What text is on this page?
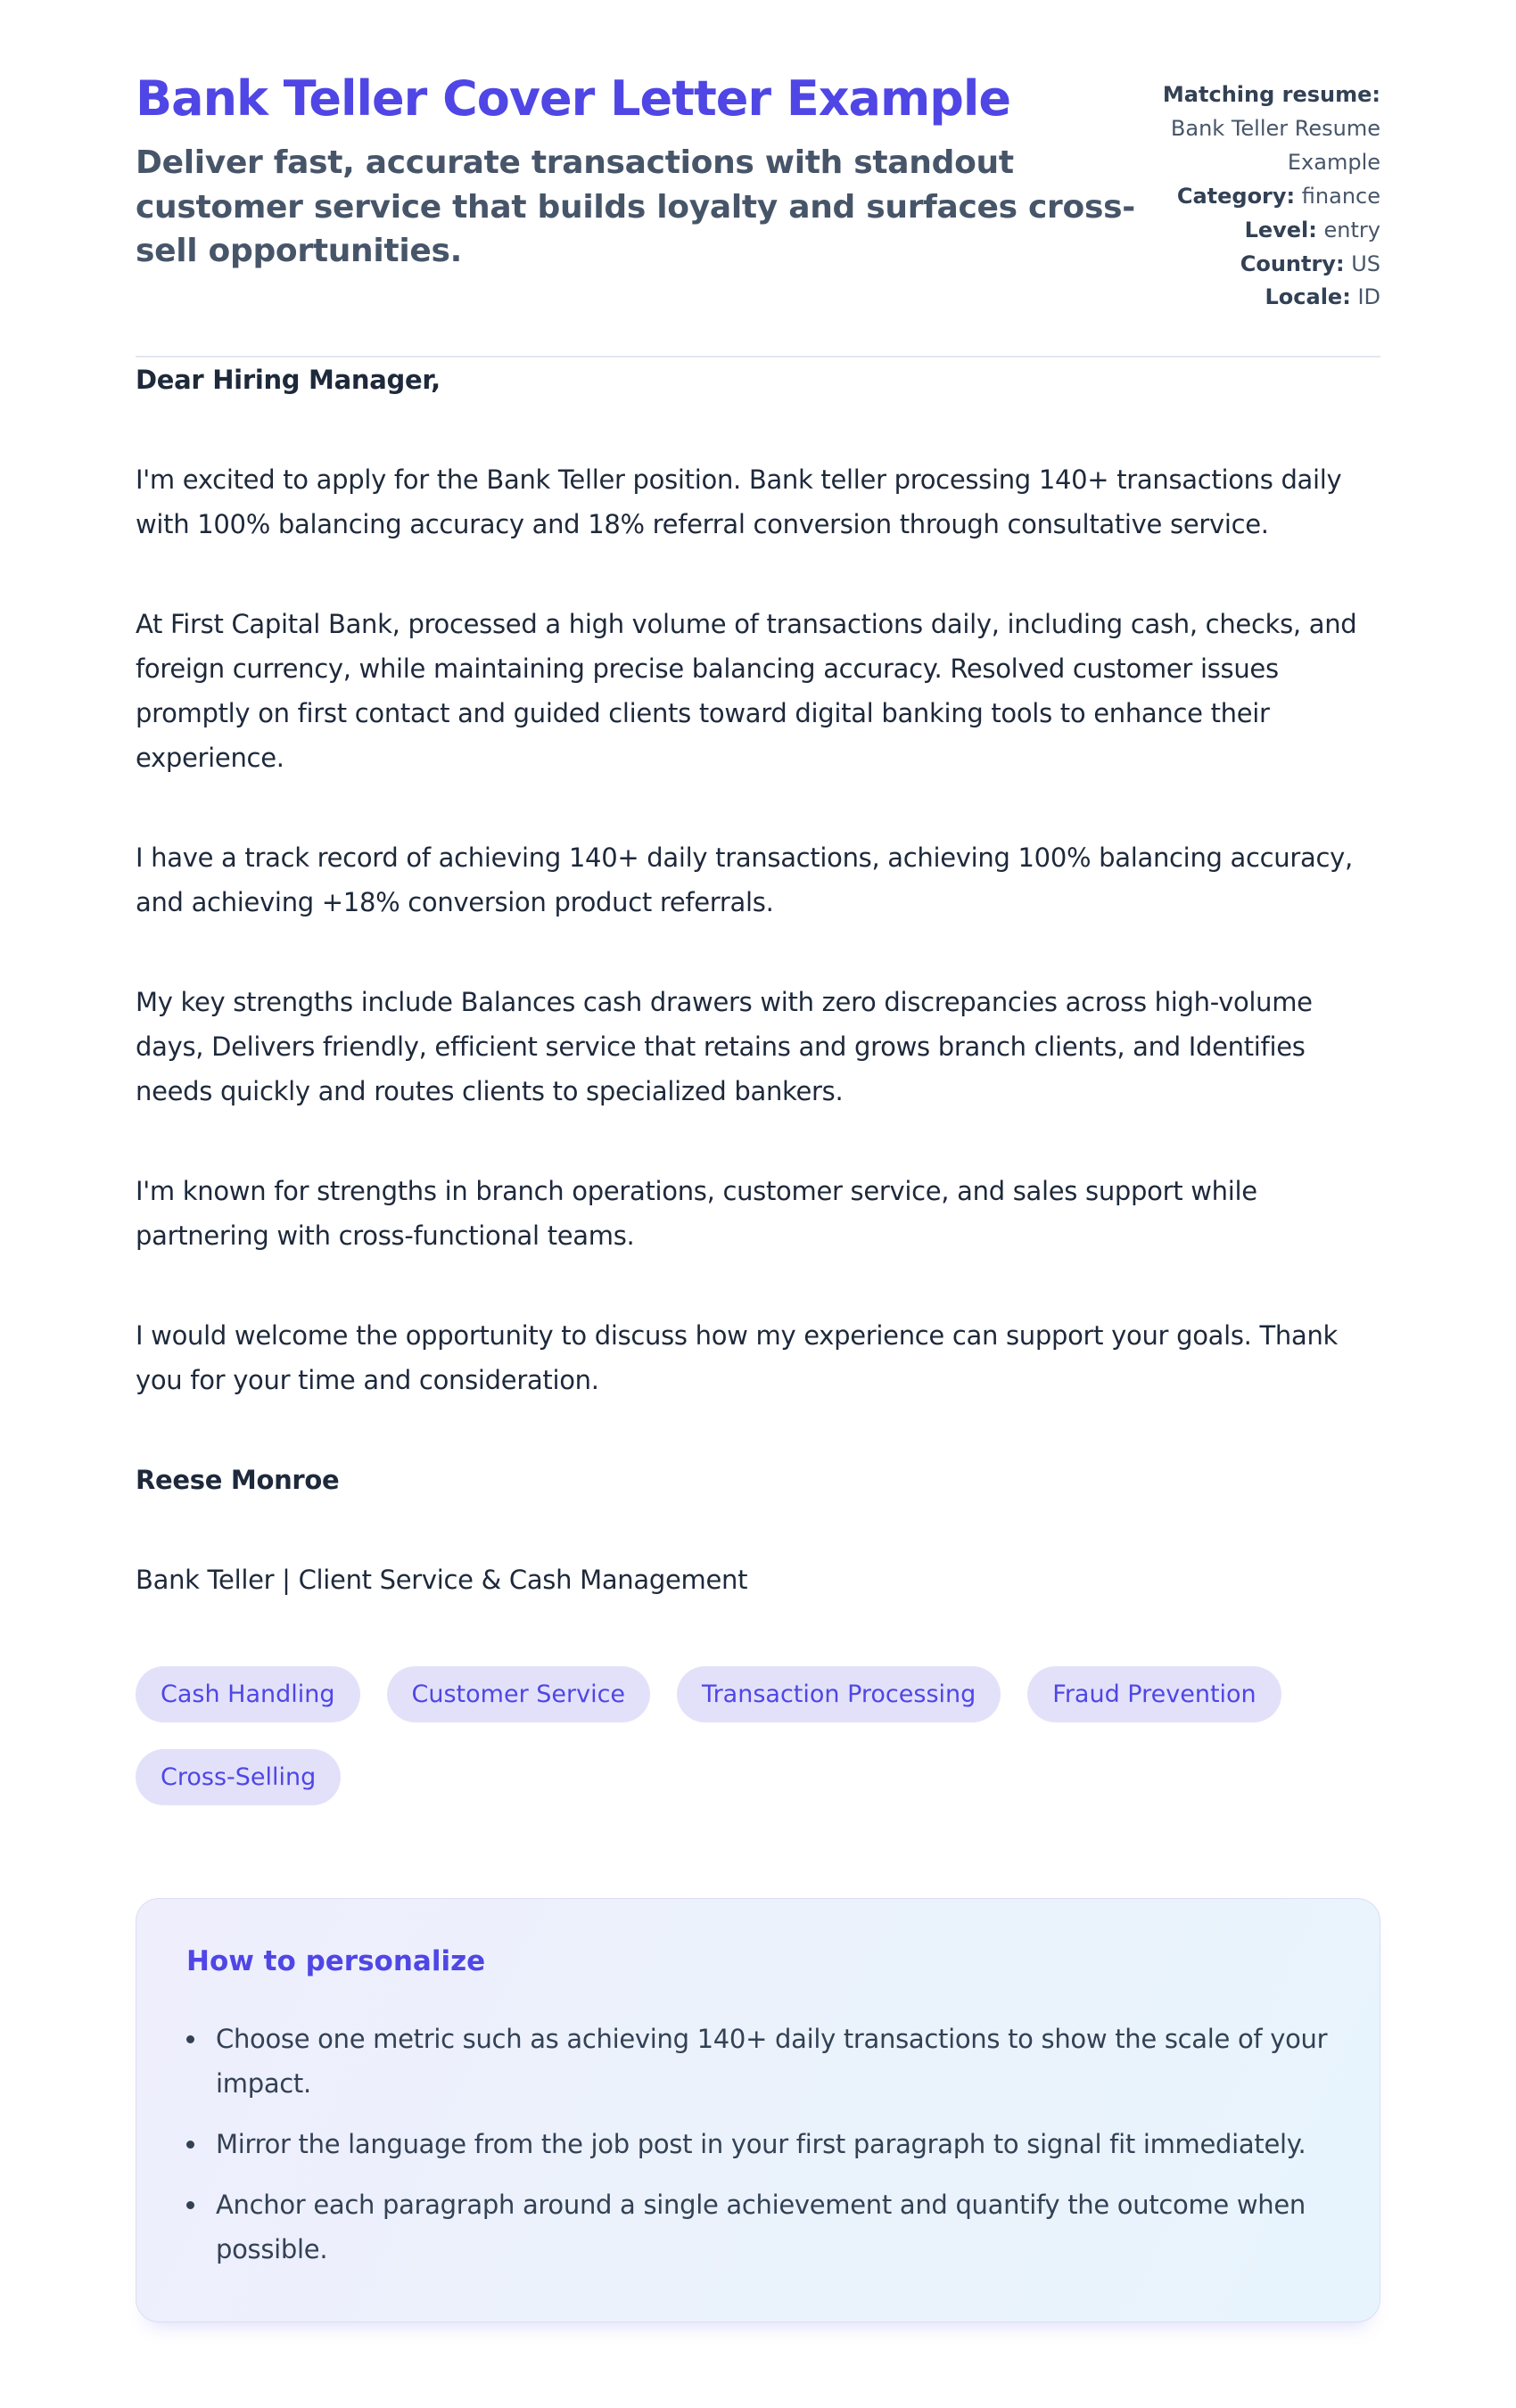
Bank Teller Cover Letter Example

Deliver fast, accurate transactions with standout customer service that builds loyalty and surfaces cross-sell opportunities.

Matching resume: Bank Teller Resume Example
Category: finance
Level: entry
Country: US
Locale: ID

Dear Hiring Manager,

I'm excited to apply for the Bank Teller position. Bank teller processing 140+ transactions daily with 100% balancing accuracy and 18% referral conversion through consultative service.

At First Capital Bank, processed a high volume of transactions daily, including cash, checks, and foreign currency, while maintaining precise balancing accuracy. Resolved customer issues promptly on first contact and guided clients toward digital banking tools to enhance their experience.

I have a track record of achieving 140+ daily transactions, achieving 100% balancing accuracy, and achieving +18% conversion product referrals.

My key strengths include Balances cash drawers with zero discrepancies across high-volume days, Delivers friendly, efficient service that retains and grows branch clients, and Identifies needs quickly and routes clients to specialized bankers.

I'm known for strengths in branch operations, customer service, and sales support while partnering with cross-functional teams.

I would welcome the opportunity to discuss how my experience can support your goals. Thank you for your time and consideration.

Reese Monroe

Bank Teller | Client Service & Cash Management

Cash Handling	Customer Service	Transaction Processing	Fraud Prevention
Cross-Selling
How to personalize
Choose one metric such as achieving 140+ daily transactions to show the scale of your impact.
Mirror the language from the job post in your first paragraph to signal fit immediately.
Anchor each paragraph around a single achievement and quantify the outcome when possible.
